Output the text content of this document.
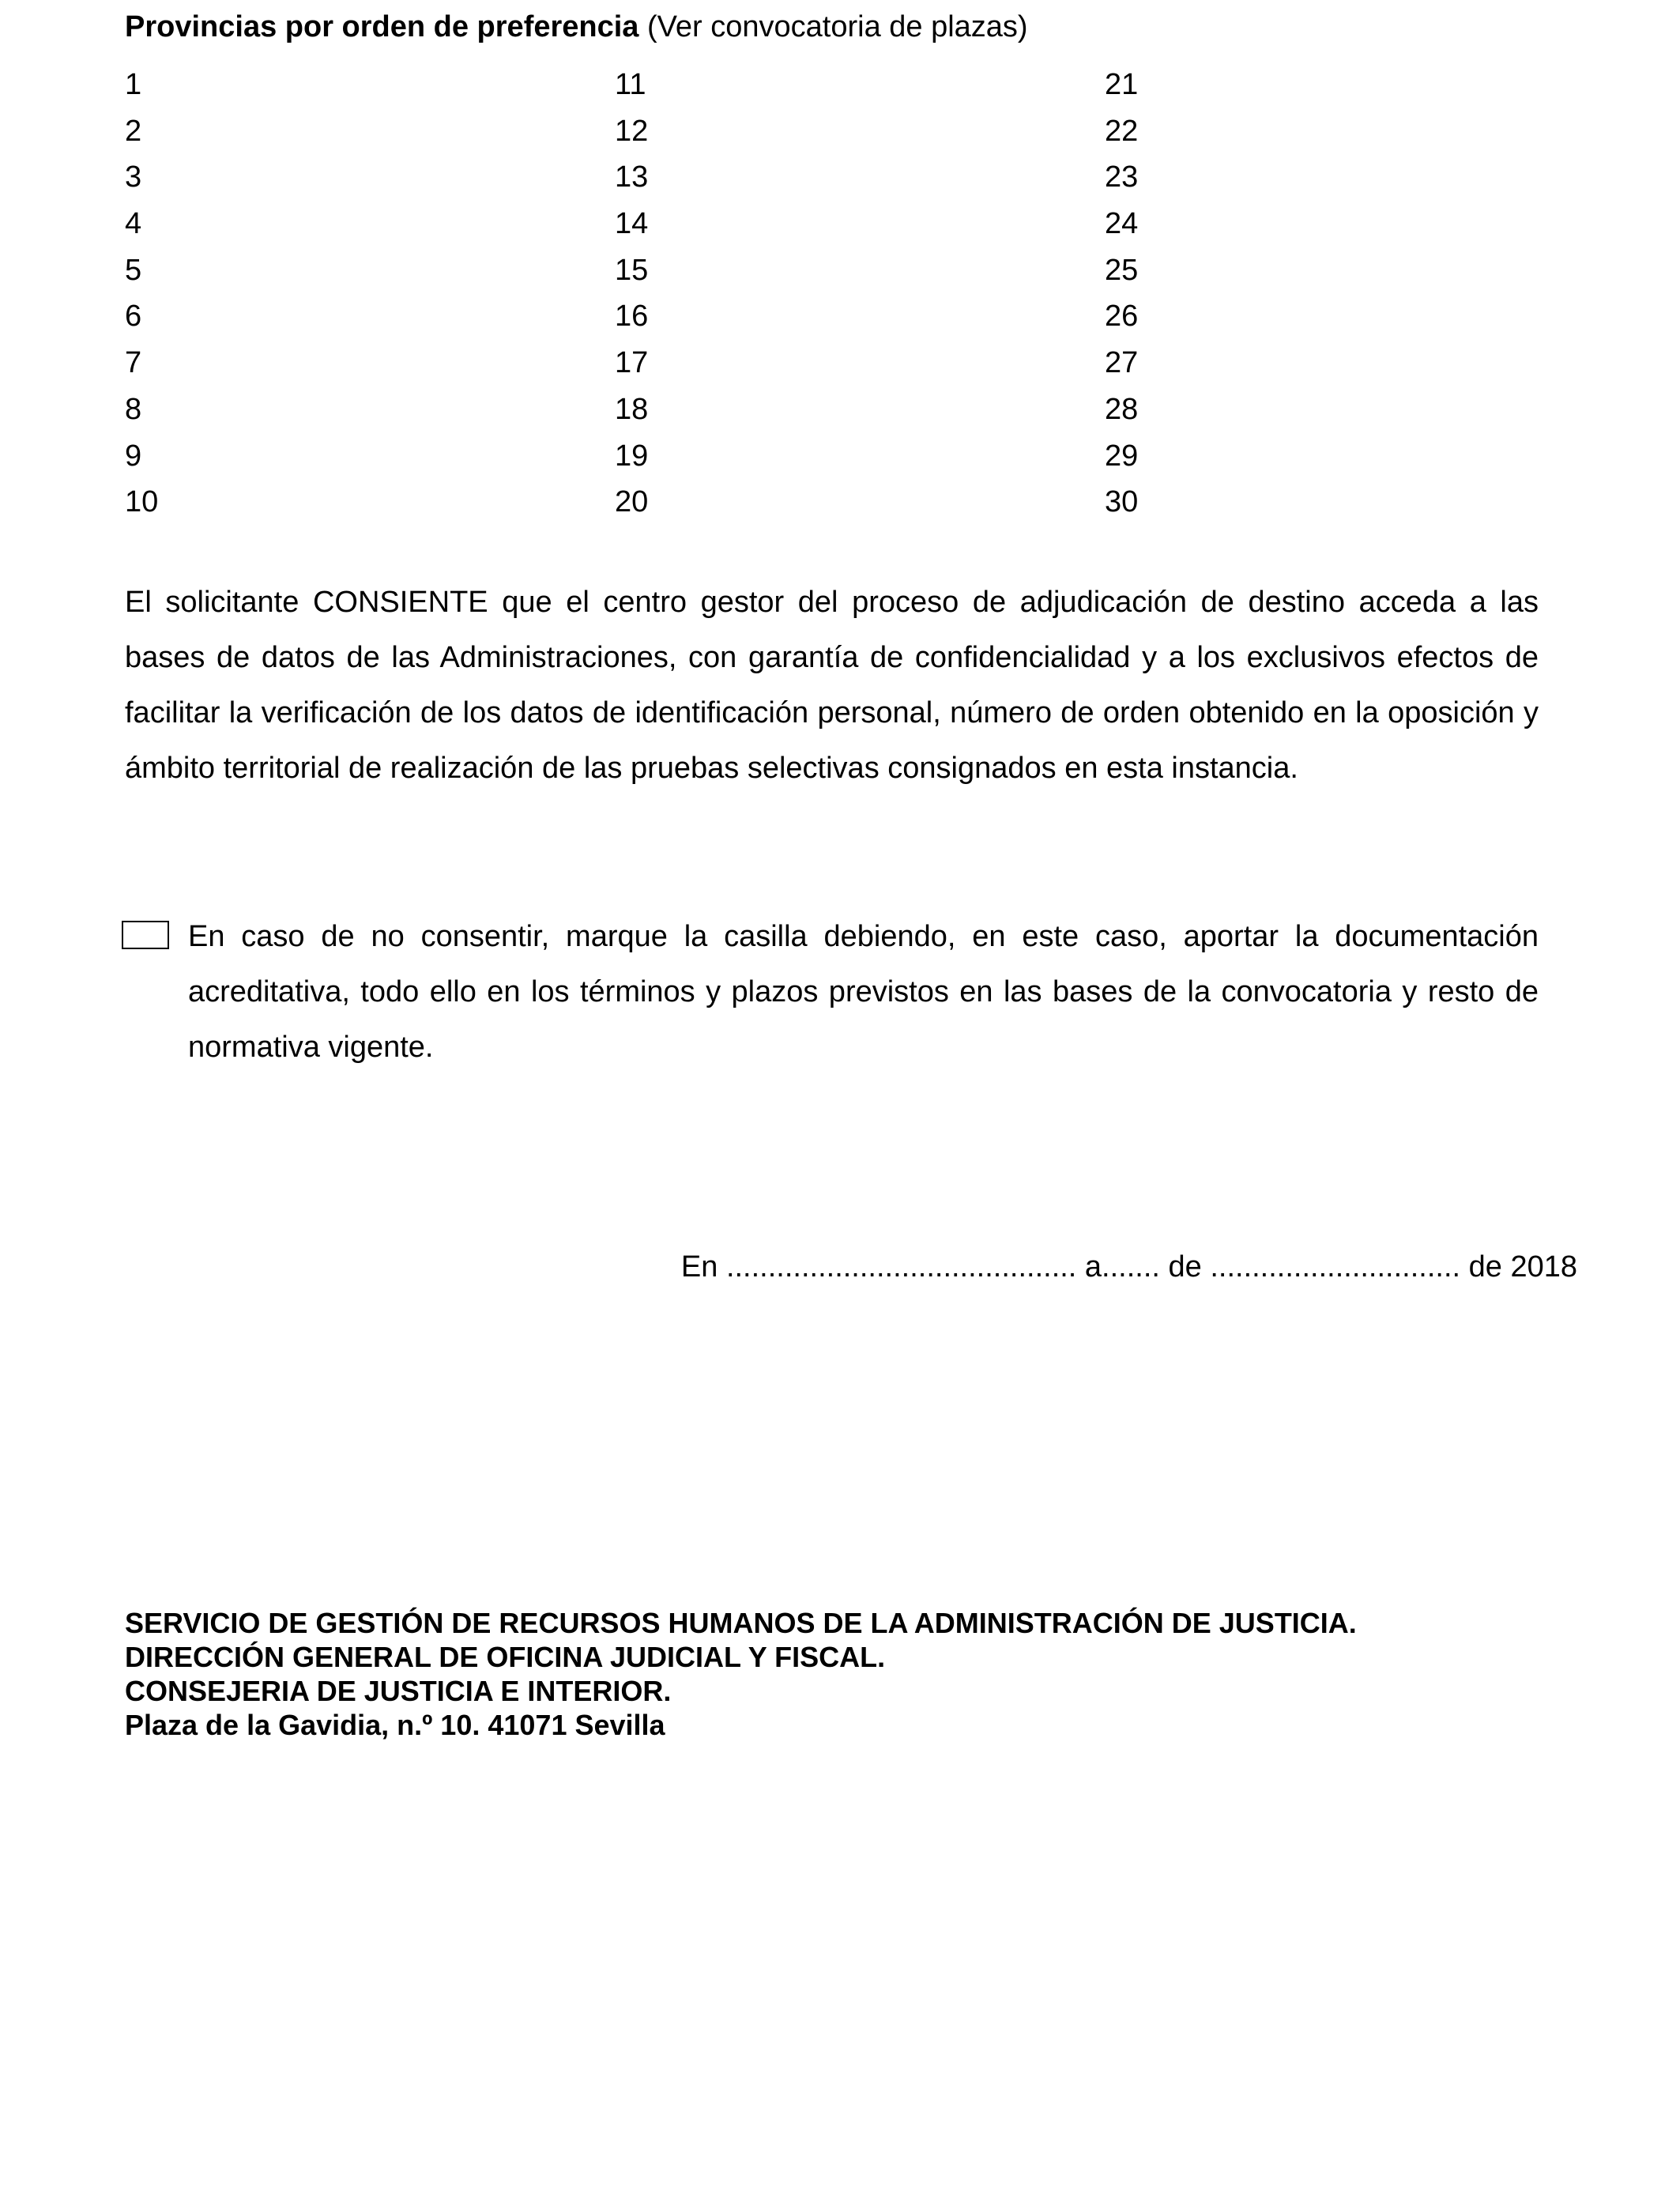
Provincias por orden de preferencia (Ver convocatoria de plazas)
1
2
3
4
5
6
7
8
9
10
11
12
13
14
15
16
17
18
19
20
21
22
23
24
25
26
27
28
29
30

El solicitante CONSIENTE que el centro gestor del proceso de adjudicación de destino acceda a las bases de datos de las Administraciones, con garantía de confidencialidad y a los exclusivos efectos de facilitar la verificación de los datos de identificación personal, número de orden obtenido en la oposición y ámbito territorial de realización de las pruebas selectivas consignados en esta instancia.

En caso de no consentir, marque la casilla debiendo, en este caso, aportar la documentación acreditativa, todo ello en los términos y plazos previstos en las bases de la convocatoria y resto de normativa vigente.

En .......................................... a....... de .............................. de 2018
SERVICIO DE GESTIÓN DE RECURSOS HUMANOS DE LA ADMINISTRACIÓN DE JUSTICIA.
DIRECCIÓN GENERAL DE OFICINA JUDICIAL Y FISCAL.
CONSEJERIA DE JUSTICIA E INTERIOR.
Plaza de la Gavidia, n.º 10. 41071 Sevilla
